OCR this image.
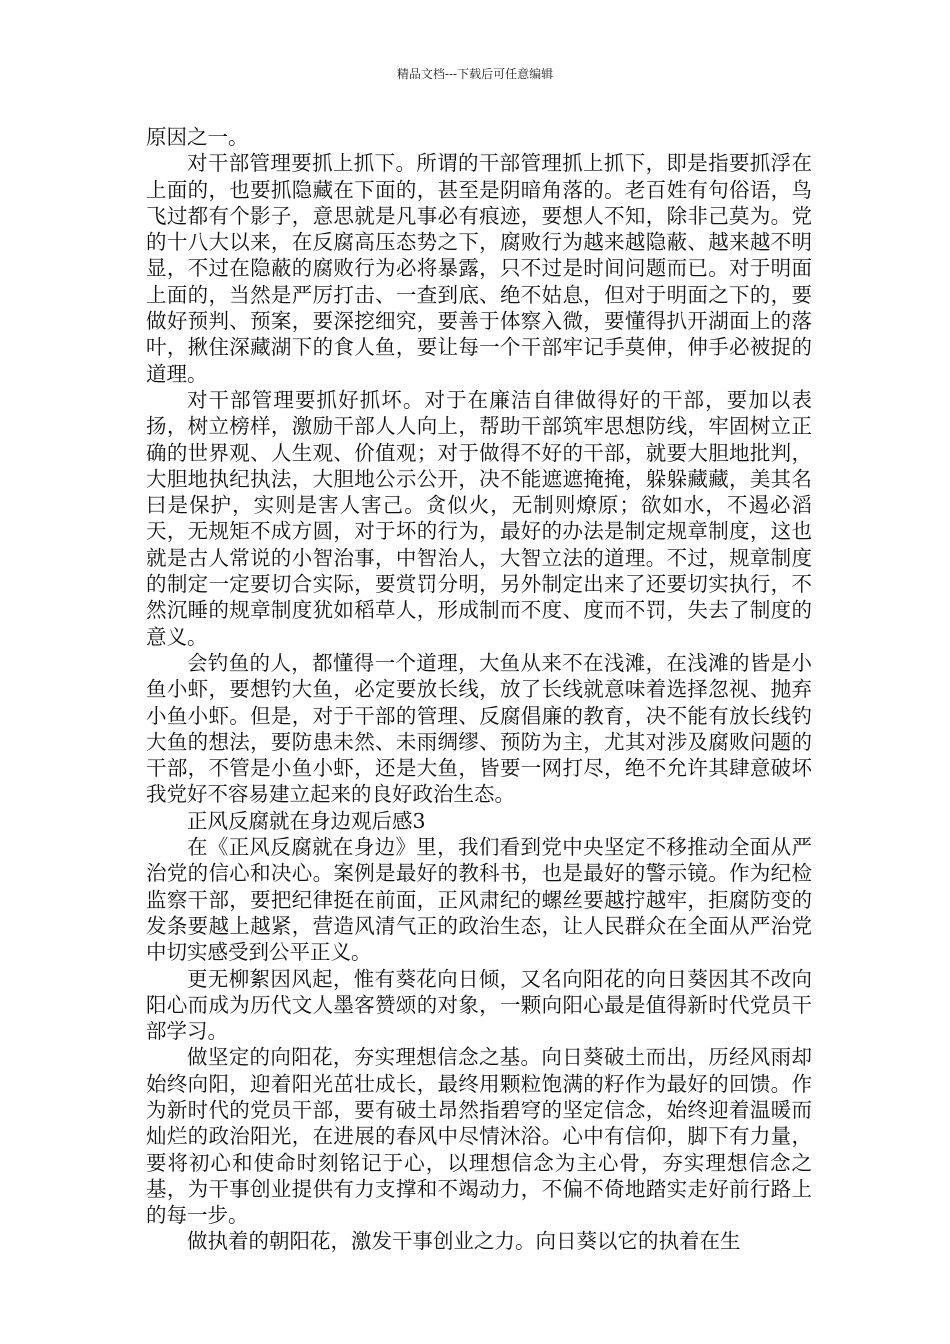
精品文档---下载后可任意编辑

原因之一。

对干部管理要抓上抓下。所谓的干部管理抓上抓下，即是指要抓浮在上面的，也要抓隐藏在下面的，甚至是阴暗角落的。老百姓有句俗语，鸟飞过都有个影子，意思就是凡事必有痕迹，要想人不知，除非己莫为。党的十八大以来，在反腐高压态势之下，腐败行为越来越隐蔽、越来越不明显，不过在隐蔽的腐败行为必将暴露，只不过是时间问题而已。对于明面上面的，当然是严厉打击、一查到底、绝不姑息，但对于明面之下的，要做好预判、预案，要深挖细究，要善于体察入微，要懂得扒开湖面上的落叶，揪住深藏湖下的食人鱼，要让每一个干部牢记手莫伸，伸手必被捉的道理。

对干部管理要抓好抓坏。对于在廉洁自律做得好的干部，要加以表扬，树立榜样，激励干部人人向上，帮助干部筑牢思想防线，牢固树立正确的世界观、人生观、价值观；对于做得不好的干部，就要大胆地批判，大胆地执纪执法，大胆地公示公开，决不能遮遮掩掩，躲躲藏藏，美其名曰是保护，实则是害人害己。贪似火，无制则燎原；欲如水，不遏必滔天，无规矩不成方圆，对于坏的行为，最好的办法是制定规章制度，这也就是古人常说的小智治事，中智治人，大智立法的道理。不过，规章制度的制定一定要切合实际，要赏罚分明，另外制定出来了还要切实执行，不然沉睡的规章制度犹如稻草人，形成制而不度、度而不罚，失去了制度的意义。

会钓鱼的人，都懂得一个道理，大鱼从来不在浅滩，在浅滩的皆是小鱼小虾，要想钓大鱼，必定要放长线，放了长线就意味着选择忽视、抛弃小鱼小虾。但是，对于干部的管理、反腐倡廉的教育，决不能有放长线钓大鱼的想法，要防患未然、未雨绸缪、预防为主，尤其对涉及腐败问题的干部，不管是小鱼小虾，还是大鱼，皆要一网打尽，绝不允许其肆意破坏我党好不容易建立起来的良好政治生态。

正风反腐就在身边观后感3

在《正风反腐就在身边》里，我们看到党中央坚定不移推动全面从严治党的信心和决心。案例是最好的教科书，也是最好的警示镜。作为纪检监察干部，要把纪律挺在前面，正风肃纪的螺丝要越拧越牢，拒腐防变的发条要越上越紧，营造风清气正的政治生态，让人民群众在全面从严治党中切实感受到公平正义。

更无柳絮因风起，惟有葵花向日倾，又名向阳花的向日葵因其不改向阳心而成为历代文人墨客赞颂的对象，一颗向阳心最是值得新时代党员干部学习。

做坚定的向阳花，夯实理想信念之基。向日葵破土而出，历经风雨却始终向阳，迎着阳光茁壮成长，最终用颗粒饱满的籽作为最好的回馈。作为新时代的党员干部，要有破土昂然指碧穹的坚定信念，始终迎着温暖而灿烂的政治阳光，在进展的春风中尽情沐浴。心中有信仰，脚下有力量，要将初心和使命时刻铭记于心，以理想信念为主心骨，夯实理想信念之基，为干事创业提供有力支撑和不竭动力，不偏不倚地踏实走好前行路上的每一步。

做执着的朝阳花，激发干事创业之力。向日葵以它的执着在生
